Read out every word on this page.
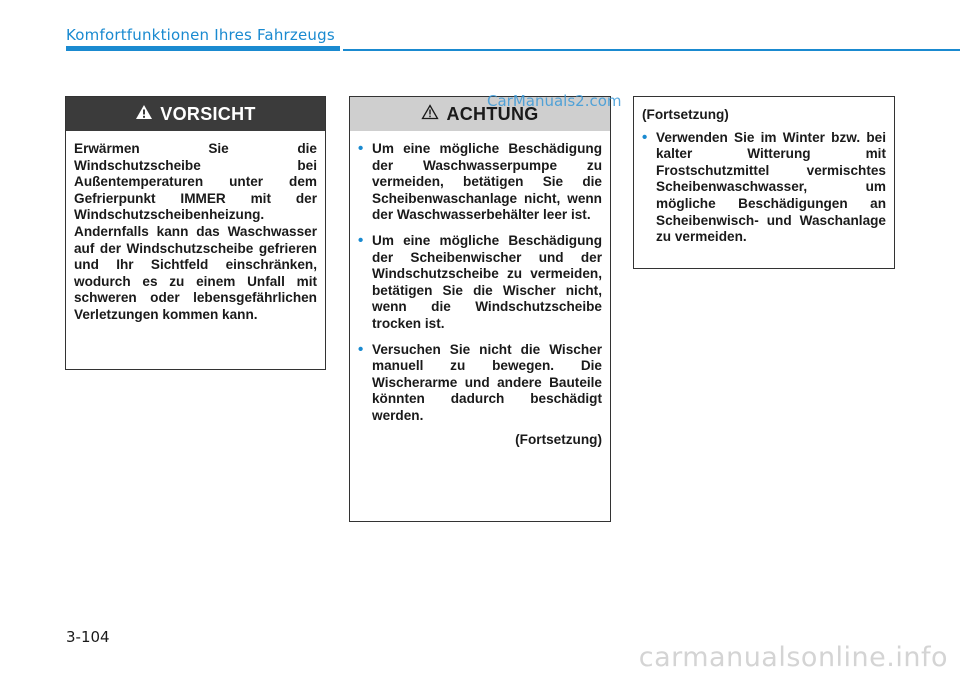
Komfortfunktionen Ihres Fahrzeugs
VORSICHT
Erwärmen Sie die Windschutzscheibe bei Außentemperaturen unter dem Gefrierpunkt IMMER mit der Windschutzscheibenheizung. Andernfalls kann das Waschwasser auf der Windschutzscheibe gefrieren und Ihr Sichtfeld einschränken, wodurch es zu einem Unfall mit schweren oder lebensgefährlichen Verletzungen kommen kann.
ACHTUNG
• Um eine mögliche Beschädigung der Waschwasserpumpe zu vermeiden, betätigen Sie die Scheibenwaschanlage nicht, wenn der Waschwasserbehälter leer ist.
• Um eine mögliche Beschädigung der Scheibenwischer und der Windschutzscheibe zu vermeiden, betätigen Sie die Wischer nicht, wenn die Windschutzscheibe trocken ist.
• Versuchen Sie nicht die Wischer manuell zu bewegen. Die Wischerarme und andere Bauteile könnten dadurch beschädigt werden.
(Fortsetzung)
(Fortsetzung)
• Verwenden Sie im Winter bzw. bei kalter Witterung mit Frostschutzmittel vermischtes Scheibenwaschwasser, um mögliche Beschädigungen an Scheibenwisch- und Waschanlage zu vermeiden.
CarManuals2.com
3-104
carmanualsonline.info
